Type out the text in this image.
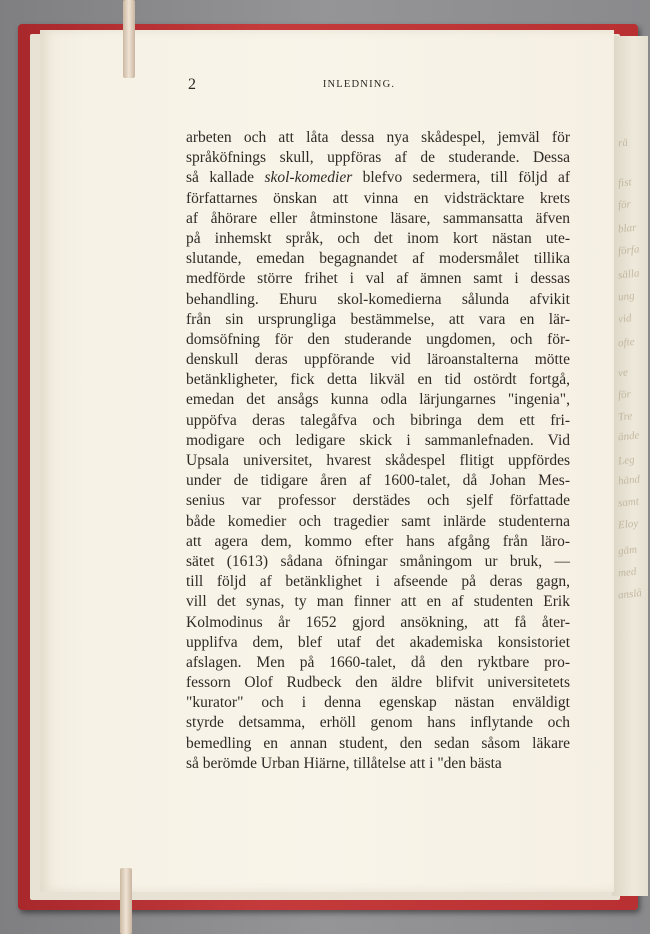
rä
fist
för
blar
förfa
sälla
ung
vid
ofte
ve
för
Tre
ände
Leg
händ
samt
Eloy
gäm
med
anslå
2	INLEDNING.
arbeten och att låta dessa nya skådespel, jemväl för
språköfnings skull, uppföras af de studerande. Dessa
så kallade skol-komedier blefvo sedermera, till följd af
författarnes önskan att vinna en vidsträcktare krets
af åhörare eller åtminstone läsare, sammansatta äfven
på inhemskt språk, och det inom kort nästan ute-
slutande, emedan begagnandet af modersmålet tillika
medförde större frihet i val af ämnen samt i dessas
behandling. Ehuru skol-komedierna sålunda afvikit
från sin ursprungliga bestämmelse, att vara en lär-
domsöfning för den studerande ungdomen, och för-
denskull deras uppförande vid läroanstalterna mötte
betänkligheter, fick detta likväl en tid ostördt fortgå,
emedan det ansågs kunna odla lärjungarnes "ingenia",
uppöfva deras talegåfva och bibringa dem ett fri-
modigare och ledigare skick i sammanlefnaden. Vid
Upsala universitet, hvarest skådespel flitigt uppfördes
under de tidigare åren af 1600-talet, då Johan Mes-
senius var professor derstädes och sjelf författade
både komedier och tragedier samt inlärde studenterna
att agera dem, kommo efter hans afgång från läro-
sätet (1613) sådana öfningar småningom ur bruk, —
till följd af betänklighet i afseende på deras gagn,
vill det synas, ty man finner att en af studenten Erik
Kolmodinus år 1652 gjord ansökning, att få åter-
upplifva dem, blef utaf det akademiska konsistoriet
afslagen. Men på 1660-talet, då den ryktbare pro-
fessorn Olof Rudbeck den äldre blifvit universitetets
"kurator" och i denna egenskap nästan enväldigt
styrde detsamma, erhöll genom hans inflytande och
bemedling en annan student, den sedan såsom läkare
så berömde Urban Hiärne, tillåtelse att i "den bästa
